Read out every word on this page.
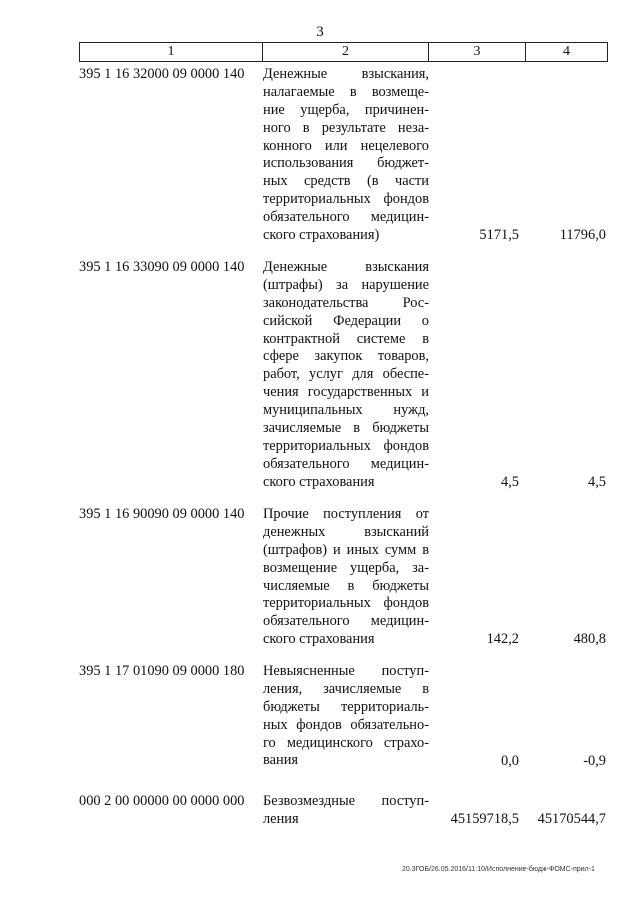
3
1	2	3	4
395 1 16 32000 09 0000 140 Денежные взыскания,
налагаемые в возмеще-
ние ущерба, причинен-
ного в результате неза-
конного или нецелевого
использования бюджет-
ных средств (в части
территориальных фондов
обязательного медицин-
ского страхования)	5171,5	11796,0
395 1 16 33090 09 0000 140 Денежные взыскания
(штрафы) за нарушение
законодательства Рос-
сийской Федерации о
контрактной системе в
сфере закупок товаров,
работ, услуг для обеспе-
чения государственных и
муниципальных нужд,
зачисляемые в бюджеты
территориальных фондов
обязательного медицин-
ского страхования	4,5	4,5
395 1 16 90090 09 0000 140 Прочие поступления от
денежных взысканий
(штрафов) и иных сумм в
возмещение ущерба, за-
числяемые в бюджеты
территориальных фондов
обязательного медицин-
ского страхования	142,2	480,8
395 1 17 01090 09 0000 180 Невыясненные поступ-
ления, зачисляемые в
бюджеты территориаль-
ных фондов обязательно-
го медицинского страхо-
вания	0,0	-0,9
000 2 00 00000 00 0000 000 Безвозмездные поступ-
ления	45159718,5 45170544,7
20.3ГОБ/26.05.2016/11:10/Исполнение-бюдж-ФОМС-прил-1
